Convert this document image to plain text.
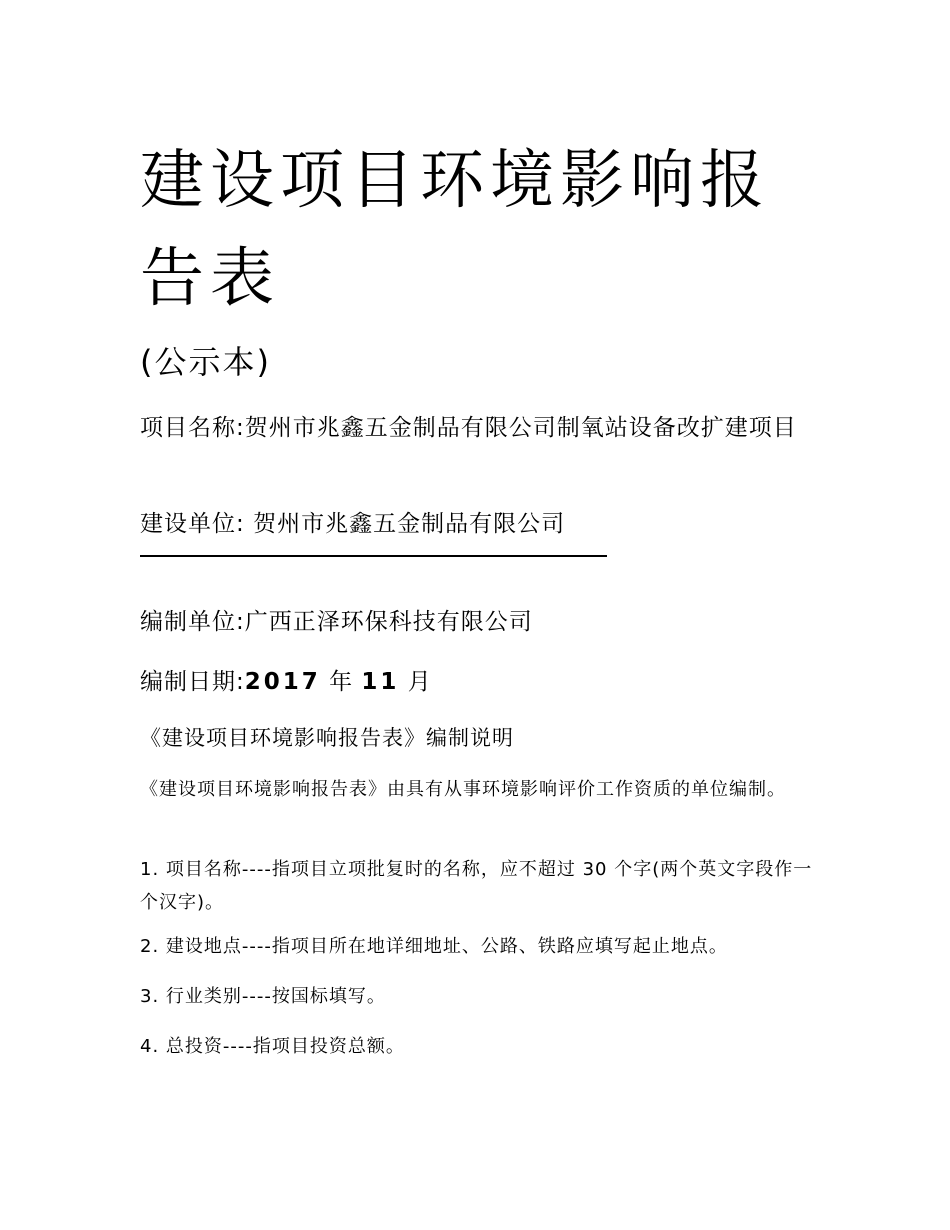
建设项目环境影响报告表

(公示本)

项目名称:贺州市兆鑫五金制品有限公司制氧站设备改扩建项目

建设单位: 贺州市兆鑫五金制品有限公司

编制单位:广西正泽环保科技有限公司

编制日期:2017 年 11 月

《建设项目环境影响报告表》编制说明

《建设项目环境影响报告表》由具有从事环境影响评价工作资质的单位编制。

1. 项目名称----指项目立项批复时的名称，应不超过 30 个字(两个英文字段作一个汉字)。

2. 建设地点----指项目所在地详细地址、公路、铁路应填写起止地点。

3. 行业类别----按国标填写。

4. 总投资----指项目投资总额。
